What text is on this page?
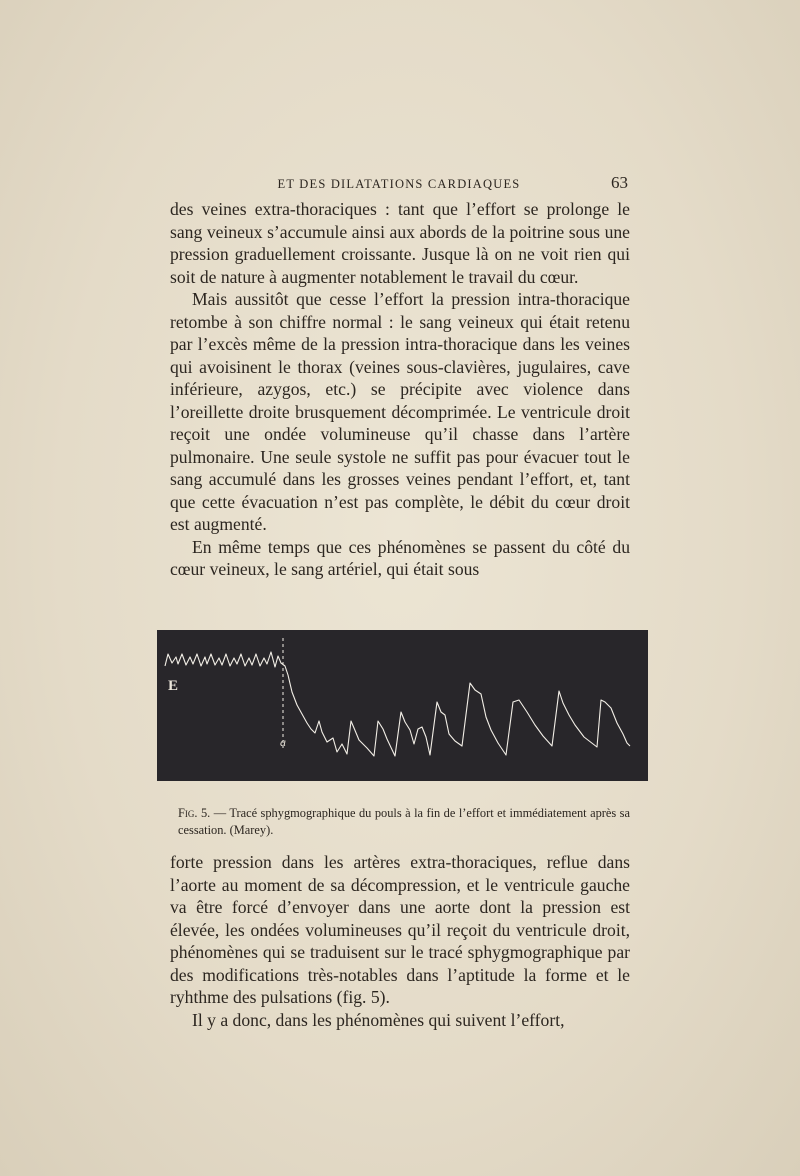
ET DES DILATATIONS CARDIAQUES	63

des veines extra-thoraciques : tant que l’effort se prolonge le sang veineux s’accumule ainsi aux abords de la poitrine sous une pression graduellement croissante. Jusque là on ne voit rien qui soit de nature à augmenter notablement le travail du cœur.

Mais aussitôt que cesse l’effort la pression intra-thoracique retombe à son chiffre normal : le sang veineux qui était retenu par l’excès même de la pression intra-thoracique dans les veines qui avoisinent le thorax (veines sous-clavières, jugulaires, cave inférieure, azygos, etc.) se précipite avec violence dans l’oreillette droite brusquement décomprimée. Le ventricule droit reçoit une ondée volumineuse qu’il chasse dans l’artère pulmonaire. Une seule systole ne suffit pas pour évacuer tout le sang accumulé dans les grosses veines pendant l’effort, et, tant que cette évacuation n’est pas complète, le débit du cœur droit est augmenté.

En même temps que ces phénomènes se passent du côté du cœur veineux, le sang artériel, qui était sous

E
a
Fig. 5. — Tracé sphygmographique du pouls à la fin de l’effort et immédiatement après sa cessation. (Marey).

forte pression dans les artères extra-thoraciques, reflue dans l’aorte au moment de sa décompression, et le ventricule gauche va être forcé d’envoyer dans une aorte dont la pression est élevée, les ondées volumineuses qu’il reçoit du ventricule droit, phénomènes qui se traduisent sur le tracé sphygmographique par des modifications très-notables dans l’aptitude la forme et le ryhthme des pulsations (fig. 5).

Il y a donc, dans les phénomènes qui suivent l’effort,
